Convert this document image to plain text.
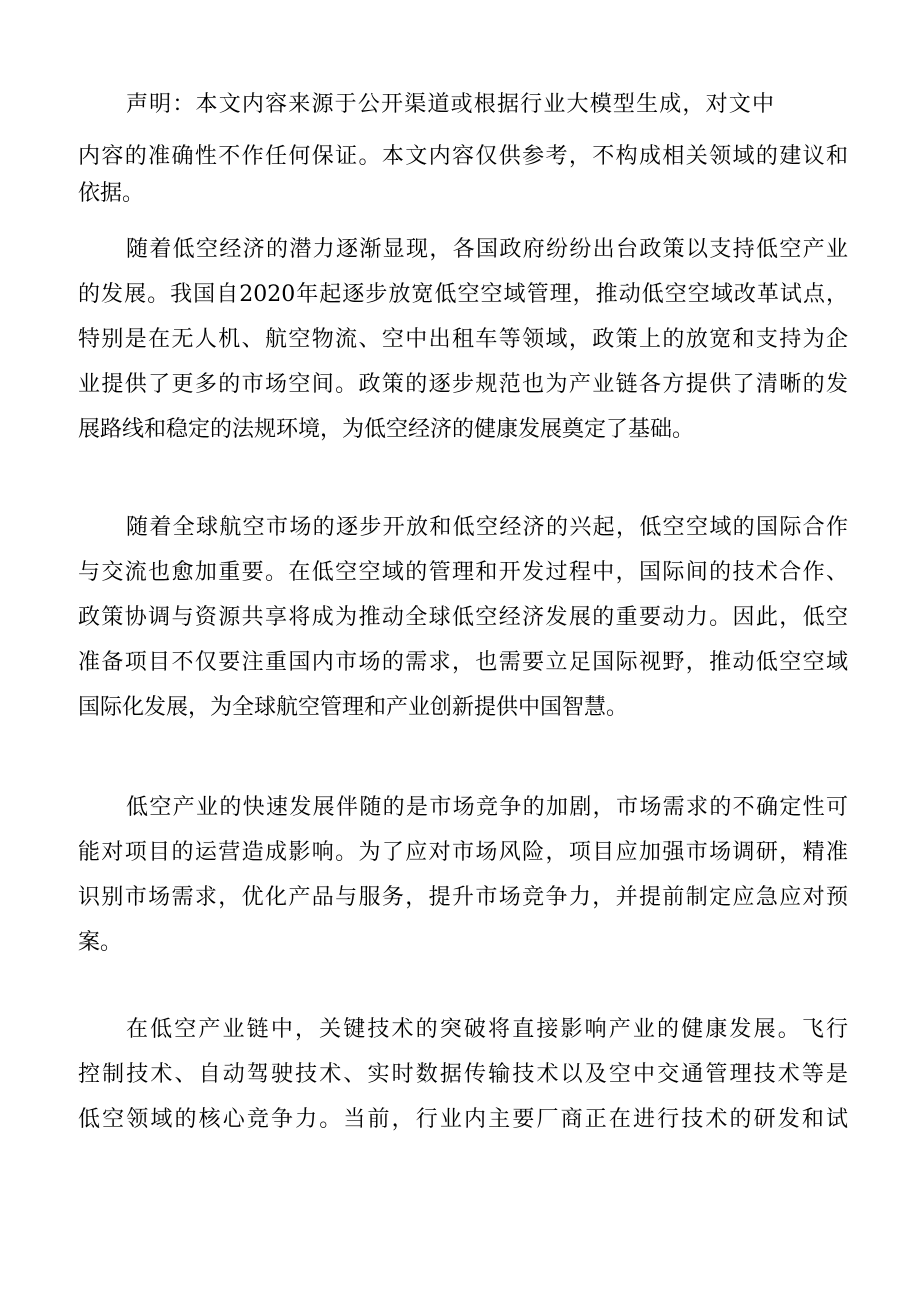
声明：本文内容来源于公开渠道或根据行业大模型生成，对文中
内容的准确性不作任何保证。本文内容仅供参考，不构成相关领域的建议和
依据。
随着低空经济的潜力逐渐显现，各国政府纷纷出台政策以支持低空产业
的发展。我国自2020年起逐步放宽低空空域管理，推动低空空域改革试点，
特别是在无人机、航空物流、空中出租车等领域，政策上的放宽和支持为企
业提供了更多的市场空间。政策的逐步规范也为产业链各方提供了清晰的发
展路线和稳定的法规环境，为低空经济的健康发展奠定了基础。
随着全球航空市场的逐步开放和低空经济的兴起，低空空域的国际合作
与交流也愈加重要。在低空空域的管理和开发过程中，国际间的技术合作、
政策协调与资源共享将成为推动全球低空经济发展的重要动力。因此，低空
准备项目不仅要注重国内市场的需求，也需要立足国际视野，推动低空空域
国际化发展，为全球航空管理和产业创新提供中国智慧。
低空产业的快速发展伴随的是市场竞争的加剧，市场需求的不确定性可
能对项目的运营造成影响。为了应对市场风险，项目应加强市场调研，精准
识别市场需求，优化产品与服务，提升市场竞争力，并提前制定应急应对预
案。
在低空产业链中，关键技术的突破将直接影响产业的健康发展。飞行
控制技术、自动驾驶技术、实时数据传输技术以及空中交通管理技术等是
低空领域的核心竞争力。当前，行业内主要厂商正在进行技术的研发和试
